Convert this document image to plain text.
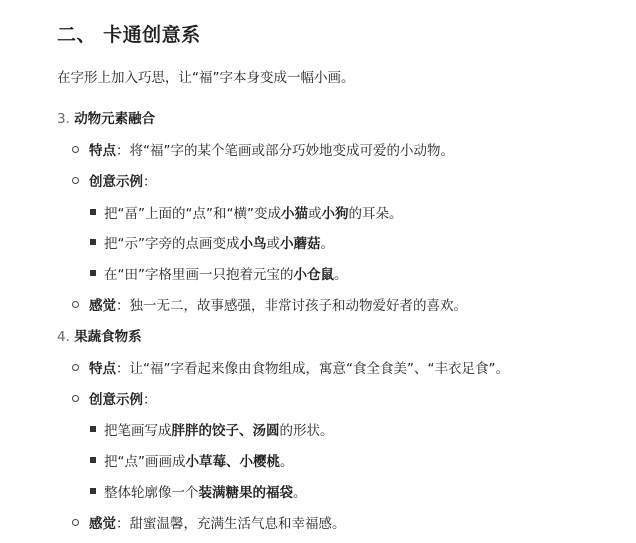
二、 卡通创意系
在字形上加入巧思，让“福”字本身变成一幅小画。
3. 动物元素融合
特点：将“福”字的某个笔画或部分巧妙地变成可爱的小动物。
创意示例：
把“畐”上面的“点”和“横”变成小猫或小狗的耳朵。
把“示”字旁的点画变成小鸟或小蘑菇。
在“田”字格里画一只抱着元宝的小仓鼠。
感觉：独一无二，故事感强，非常讨孩子和动物爱好者的喜欢。
4. 果蔬食物系
特点：让“福”字看起来像由食物组成，寓意“食全食美”、“丰衣足食”。
创意示例：
把笔画写成胖胖的饺子、汤圆的形状。
把“点”画画成小草莓、小樱桃。
整体轮廓像一个装满糖果的福袋。
感觉：甜蜜温馨，充满生活气息和幸福感。
